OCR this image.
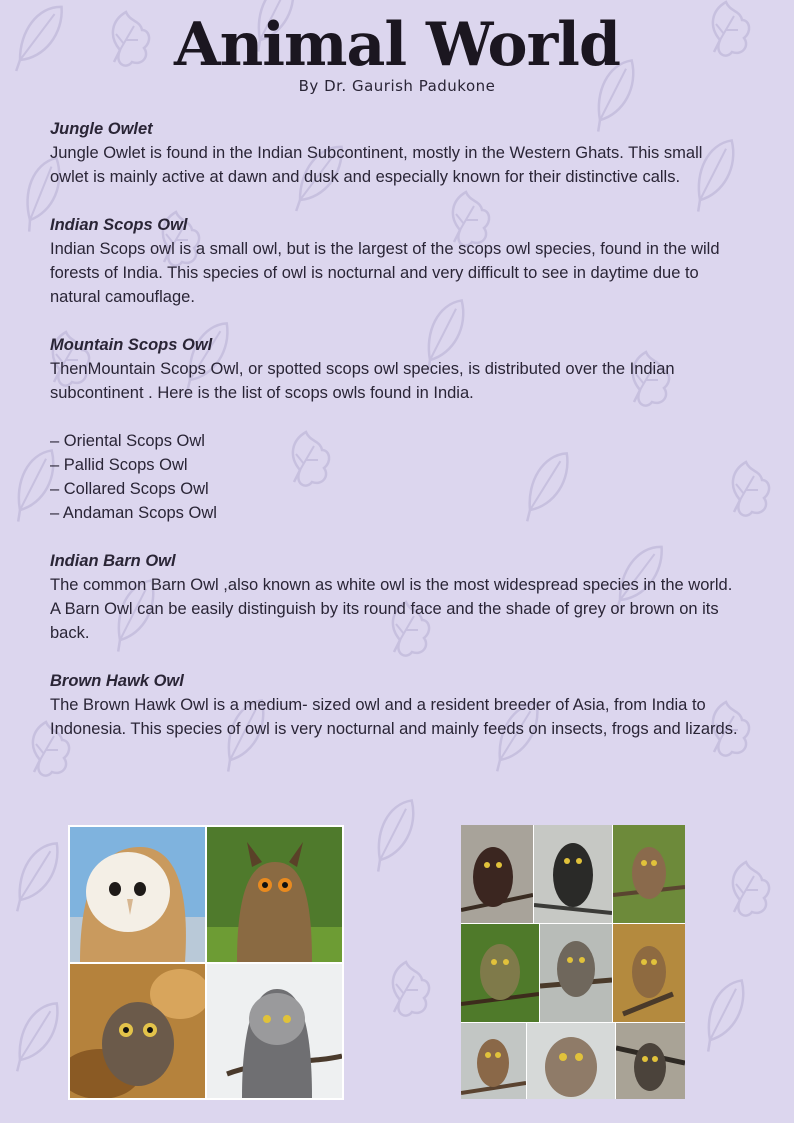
Animal World
By Dr. Gaurish Padukone
Jungle Owlet
Jungle Owlet is found in the Indian Subcontinent, mostly in the Western Ghats. This small owlet is mainly active at dawn and dusk and especially known for their distinctive calls.
Indian Scops Owl
Indian Scops owl is a small owl, but is the largest of the scops owl species, found in the wild forests of India. This species of owl is nocturnal and very difficult to see in daytime due to natural camouflage.
Mountain Scops Owl
ThenMountain Scops Owl, or spotted scops owl species, is distributed over the Indian subcontinent . Here is the list of scops owls found in India.
– Oriental Scops Owl
– Pallid Scops Owl
– Collared Scops Owl
– Andaman Scops Owl
Indian Barn Owl
The common Barn Owl ,also known as white owl is the most widespread species in the world. A Barn Owl can be easily distinguish by its round face and the shade of grey or brown on its back.
Brown Hawk Owl
The Brown Hawk Owl is a medium- sized owl and a resident breeder of Asia, from India to Indonesia. This species of owl is very nocturnal and mainly feeds on insects, frogs and lizards.
